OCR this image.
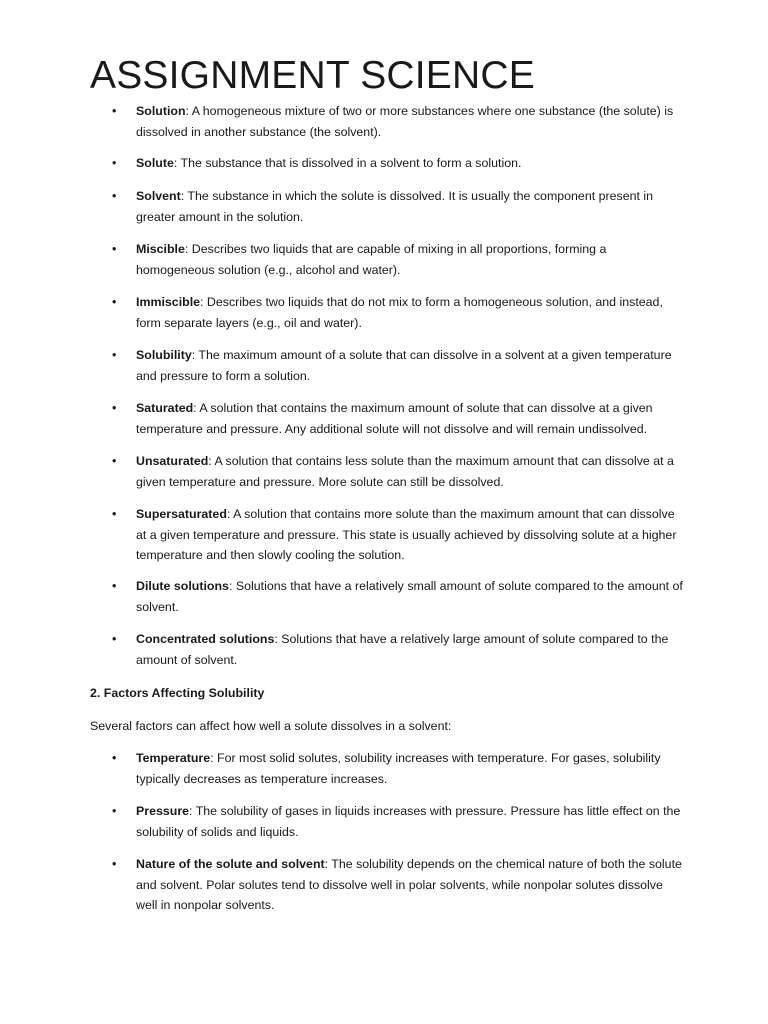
ASSIGNMENT SCIENCE
• Solution: A homogeneous mixture of two or more substances where one substance (the solute) is dissolved in another substance (the solvent).
• Solute: The substance that is dissolved in a solvent to form a solution.
• Solvent: The substance in which the solute is dissolved. It is usually the component present in greater amount in the solution.
• Miscible: Describes two liquids that are capable of mixing in all proportions, forming a homogeneous solution (e.g., alcohol and water).
• Immiscible: Describes two liquids that do not mix to form a homogeneous solution, and instead, form separate layers (e.g., oil and water).
• Solubility: The maximum amount of a solute that can dissolve in a solvent at a given temperature and pressure to form a solution.
• Saturated: A solution that contains the maximum amount of solute that can dissolve at a given temperature and pressure. Any additional solute will not dissolve and will remain undissolved.
• Unsaturated: A solution that contains less solute than the maximum amount that can dissolve at a given temperature and pressure. More solute can still be dissolved.
• Supersaturated: A solution that contains more solute than the maximum amount that can dissolve at a given temperature and pressure. This state is usually achieved by dissolving solute at a higher temperature and then slowly cooling the solution.
• Dilute solutions: Solutions that have a relatively small amount of solute compared to the amount of solvent.
• Concentrated solutions: Solutions that have a relatively large amount of solute compared to the amount of solvent.
2. Factors Affecting Solubility

Several factors can affect how well a solute dissolves in a solvent:

• Temperature: For most solid solutes, solubility increases with temperature. For gases, solubility typically decreases as temperature increases.
• Pressure: The solubility of gases in liquids increases with pressure. Pressure has little effect on the solubility of solids and liquids.
• Nature of the solute and solvent: The solubility depends on the chemical nature of both the solute and solvent. Polar solutes tend to dissolve well in polar solvents, while nonpolar solutes dissolve well in nonpolar solvents.
